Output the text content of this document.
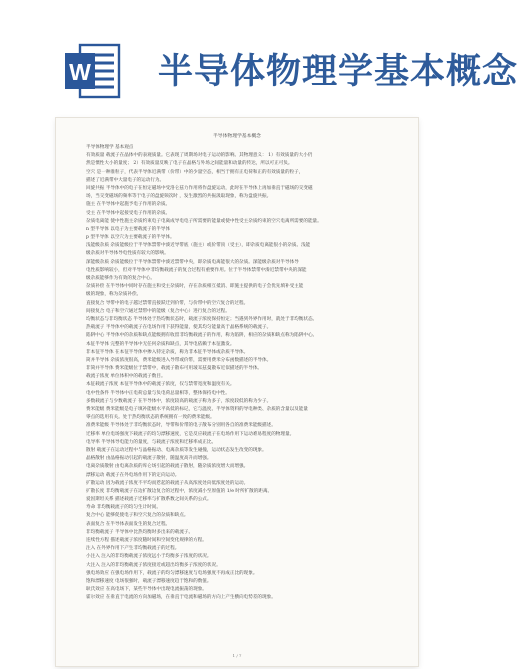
W 半导体物理学基本概念
半导体物理学基本概念
半导体物理学 基本观点
有效质量 载流子在晶体中的表观质量。它表现了周期场对电子运动的影响。其物理意义： 1）有效质量的大小仍
然是惯性大小的量度； 2）有效质量反映了电子在晶格与外场之间能量和动量的传达，所以可正可负。
空穴 是一种准粒子，代表半导体近满带（价带）中的少量空态，相当于拥有正电荷和正的有效质量的粒子，
描述了近满带中大量电子的运动行为。
回旋共振 半导体中的电子在恒定磁场中受洛仑兹力作用将作盘旋运动，此时在半导体上再加垂直于磁场的交变磁
场，当交变磁场的频率等于电子的盘旋频次时 ，发生激烈的共振汲取现象，称为盘旋共振。
施主 在半导体中起施予电子作用的杂质。
受主 在半导体中起接受电子作用的杂质。
杂质电离能 使中性施主杂质约束电子电离成导电电子所需要的能量或使中性受主杂质约束的空穴电离所需要的能量。
n 型半导体 以电子为主要载流子的半导体
p 型半导体 以空穴为主要载流子的半导体。
浅能级杂质 杂质能级位于半导体禁带中湊近导带底（施主）或价带顶（受主），即杂质电离能很小的杂质。浅能
级杂质对半导体导电性质有较大的影响。
深能级杂质 杂质能级位于半导体禁带中湊近禁带中央，即杂质电离能很大的杂质。深能级杂质对半导体导
电性质影响较小，但对半导体中非均衡载流子的复合过程有重要作用。位于半导体禁带中湊近禁带中央的深能
级杂质能够作为有效的复合中心。
杂质补偿 在半导体中同时存在施主和受主杂质时，存在杂质相互抵消、即施主提供的电子会优先填补受主能
级的现象，称为杂质补偿。
直接复合 导带中的电子越过禁带直接跃迁到价带，与价带中的空穴复合的过程。
间接复合 电子和空穴通过禁带中的能级（复合中心）进行复合的过程。
均衡状态与非均衡状态 半导体处于热均衡状态时，载流子浓度保持恒定；当遇到外界作用时，就处于非均衡状态。
热载流子 半导体中的载流子在电场作用下获得能量，使其均匀能量高于晶格系统的载流子。
陷阱中心 半导体中的杂质和缺点能级拥有收留非均衡载流子的作用，称为陷阱，相应的杂质和缺点称为陷阱中心。
本征半导体 完整的半导体中无任何杂质和缺点，其导电依赖于本征激发。
非本征半导体 在本征半导体中掺入特定杂质，称为非本征半导体或杂质半导体。
简并半导体 杂质浓度很高，费米能级进入导带或价带，需要用费米分布函数描述的半导体。
非简并半导体 费米能级位于禁带中，载流子散布可用玻耳兹曼散布近似描述的半导体。
载流子浓度 单位体积中的载流子数目。
本征载流子浓度 本征半导体中的载流子浓度，仅与禁带宽度和温度有关。
电中性条件 半导体中正电荷总量与负电荷总量相等，整体保持电中性。
多数载流子与少数载流子 在半导体中，浓度较高的载流子称为多子，浓度较低的称为少子。
费米能级 费米能级是电子填补能级水平高低的标记，它与温度、半导体资料的导电种类、杂质的含量以及能量
零点的选用有关。处于热均衡状态的系统拥有一致的费米能级。
准费米能级 半导体处于非均衡状态时，导带和价带的电子散布分别用各自的准费米能级描述。
迁移率 单位电场强度下载流子的均匀漂移速度，它是反应载流子在电场作用下运动难易程度的物理量。
电导率 半导体导电能力的量度，与载流子浓度和迁移率成正比。
散射 载流子在运动过程中与晶格振动、电离杂质等发生碰撞，运动状态发生改变的现象。
晶格散射 由晶格振动引起的载流子散射，随温度高升而增强。
电离杂质散射 由电离杂质的库仑场引起的载流子散射，随杂质浓度增大而增强。
漂移运动 载流子在外电场作用下的定向运动。
扩散运动 因为载流子浓度不平均而惹起的载流子从高浓度处向低浓度处的运动。
扩散长度 非均衡载流子在边扩散边复合的过程中，浓度减小至原值的 1/e 时所扩散的距离。
爱因斯坦关系 描述载流子迁移率与扩散系数之间关系的公式。
寿命 非均衡载流子的均匀生计时间。
复合中心 能够促使电子和空穴复合的杂质和缺点。
表面复合 在半导体表面发生的复合过程。
非均衡载流子 半导体中比热均衡时多出来的载流子。
连续性方程 描述载流子浓度随时间和空间变化规律的方程。
注入 在外界作用下产生非均衡载流子的过程。
小注入 注入的非均衡载流子浓度远小于均衡多子浓度的状况。
大注入 注入的非均衡载流子浓度接近或超出均衡多子浓度的状况。
强电场效应 在强电场作用下，载流子的均匀漂移速度与电场强度不再成正比的现象。
饱和漂移速度 电场很强时，载流子漂移速度趋于饱和的数值。
耿氏效应 在高电场下，某些半导体中出现电流振荡的现象。
霍尔效应 在垂直于电流的方向加磁场，在垂直于电流和磁场的方向上产生横向电势差的现象。
1 / 7
